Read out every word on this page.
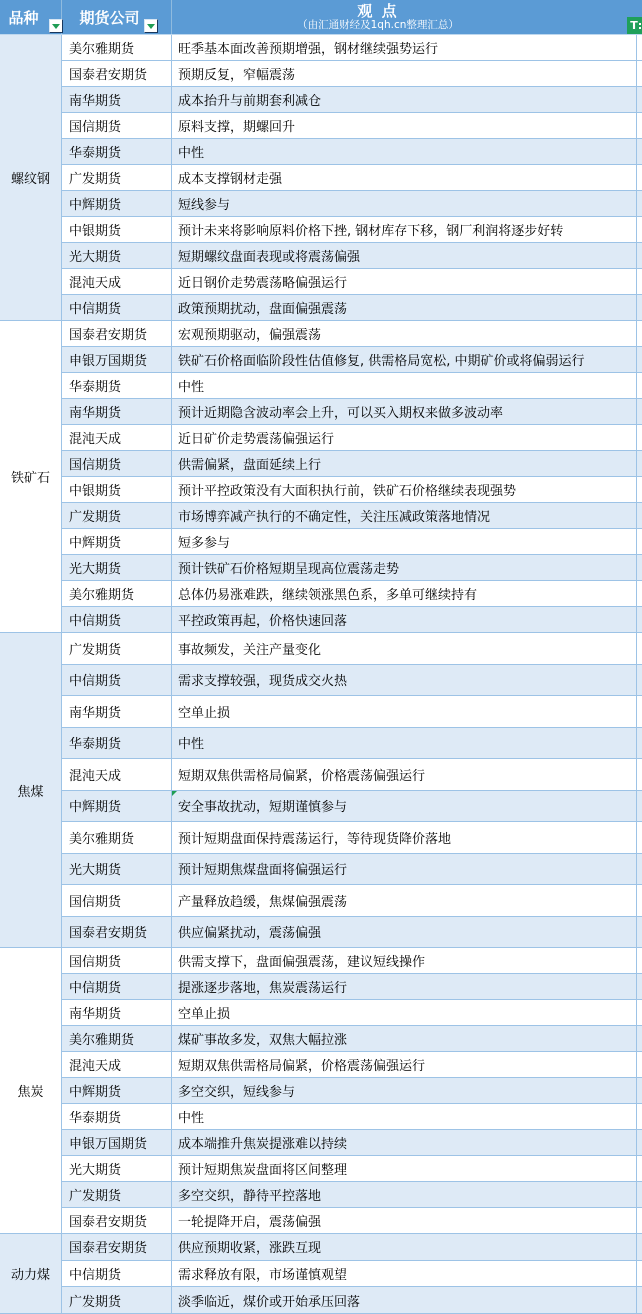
品种	期货公司	观 点
（由汇通财经及1qh.cn整理汇总）	T
螺纹钢
美尔雅期货	旺季基本面改善预期增强，钢材继续强势运行
国泰君安期货	预期反复，窄幅震荡
南华期货	成本抬升与前期套利减仓
国信期货	原料支撑，期螺回升
华泰期货	中性
广发期货	成本支撑钢材走强
中辉期货	短线参与
中银期货	预计未来将影响原料价格下挫, 钢材库存下移，钢厂利润将逐步好转
光大期货	短期螺纹盘面表现或将震荡偏强
混沌天成	近日钢价走势震荡略偏强运行
中信期货	政策预期扰动，盘面偏强震荡
铁矿石
国泰君安期货	宏观预期驱动，偏强震荡
申银万国期货	铁矿石价格面临阶段性估值修复, 供需格局宽松, 中期矿价或将偏弱运行
华泰期货	中性
南华期货	预计近期隐含波动率会上升，可以买入期权来做多波动率
混沌天成	近日矿价走势震荡偏强运行
国信期货	供需偏紧，盘面延续上行
中银期货	预计平控政策没有大面积执行前，铁矿石价格继续表现强势
广发期货	市场博弈减产执行的不确定性，关注压减政策落地情况
中辉期货	短多参与
光大期货	预计铁矿石价格短期呈现高位震荡走势
美尔雅期货	总体仍易涨难跌，继续领涨黑色系，多单可继续持有
中信期货	平控政策再起，价格快速回落
焦煤
广发期货	事故频发，关注产量变化
中信期货	需求支撑较强，现货成交火热
南华期货	空单止损
华泰期货	中性
混沌天成	短期双焦供需格局偏紧，价格震荡偏强运行
中辉期货	安全事故扰动，短期谨慎参与
美尔雅期货	预计短期盘面保持震荡运行，等待现货降价落地
光大期货	预计短期焦煤盘面将偏强运行
国信期货	产量释放趋缓，焦煤偏强震荡
国泰君安期货	供应偏紧扰动，震荡偏强
焦炭
国信期货	供需支撑下，盘面偏强震荡，建议短线操作
中信期货	提涨逐步落地，焦炭震荡运行
南华期货	空单止损
美尔雅期货	煤矿事故多发，双焦大幅拉涨
混沌天成	短期双焦供需格局偏紧，价格震荡偏强运行
中辉期货	多空交织，短线参与
华泰期货	中性
申银万国期货	成本端推升焦炭提涨难以持续
光大期货	预计短期焦炭盘面将区间整理
广发期货	多空交织，静待平控落地
国泰君安期货	一轮提降开启，震荡偏强
动力煤
国泰君安期货	供应预期收紧，涨跌互现
中信期货	需求释放有限，市场谨慎观望
广发期货	淡季临近，煤价或开始承压回落
